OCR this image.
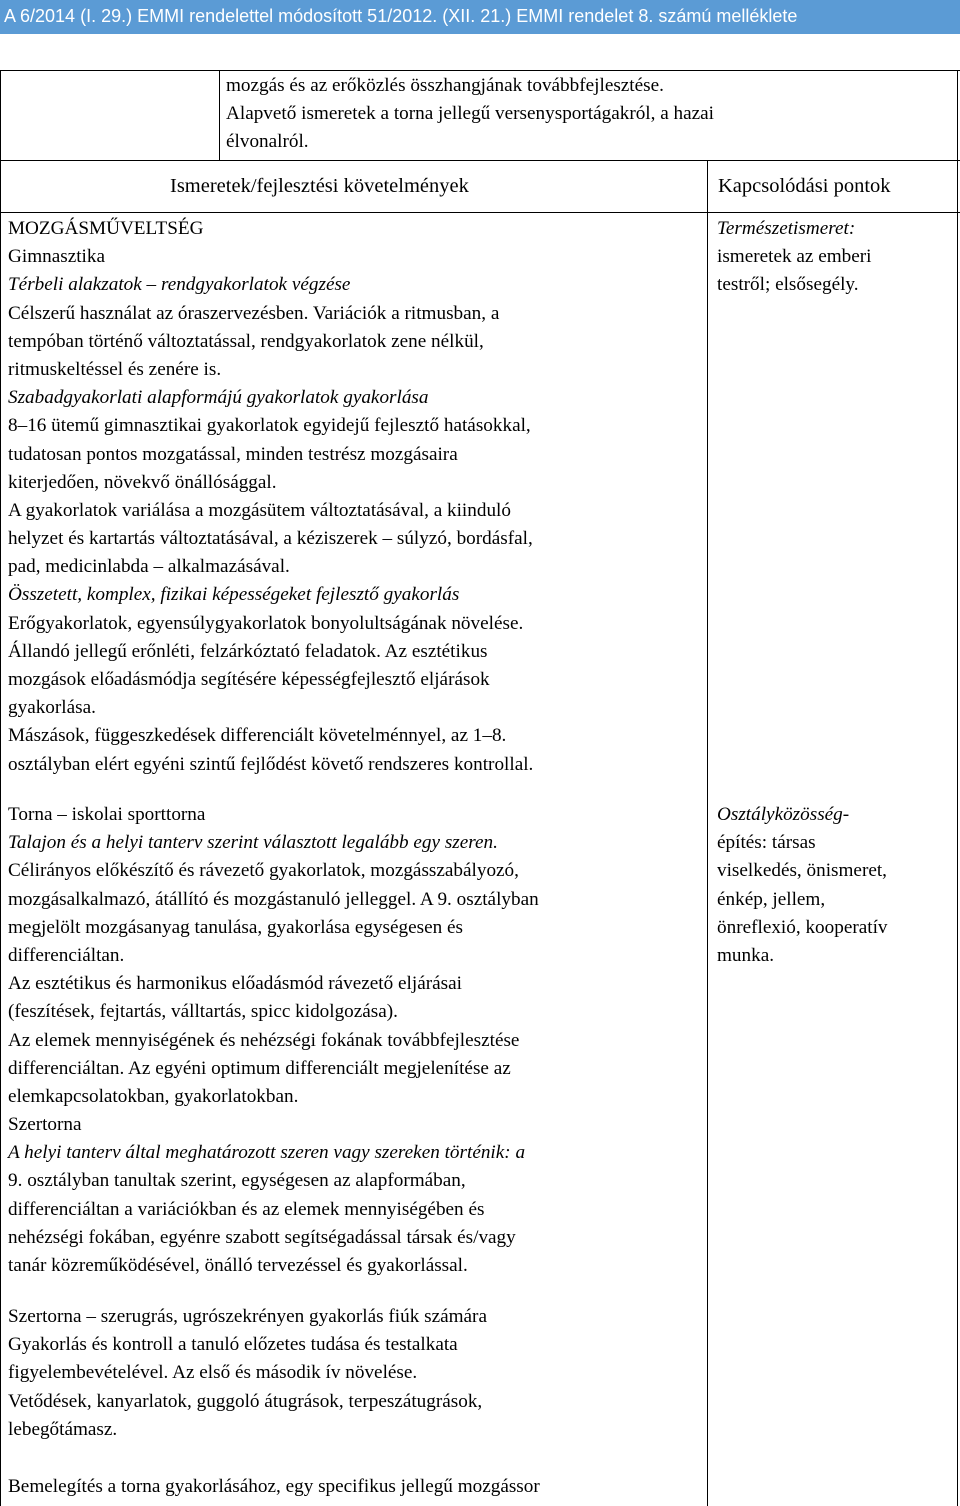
A 6/2014 (I. 29.) EMMI rendelettel módosított 51/2012. (XII. 21.) EMMI rendelet 8. számú melléklete
mozgás és az erőközlés összhangjának továbbfejlesztése.
Alapvető ismeretek a torna jellegű versenysportágakról, a hazai
élvonalról.
Ismeretek/fejlesztési követelmények	Kapcsolódási pontok
MOZGÁSMŰVELTSÉG
Gimnasztika
Térbeli alakzatok – rendgyakorlatok végzése
Célszerű használat az óraszervezésben. Variációk a ritmusban, a
tempóban történő változtatással, rendgyakorlatok zene nélkül,
ritmuskeltéssel és zenére is.
Szabadgyakorlati alapformájú gyakorlatok gyakorlása
8–16 ütemű gimnasztikai gyakorlatok egyidejű fejlesztő hatásokkal,
tudatosan pontos mozgatással, minden testrész mozgásaira
kiterjedően, növekvő önállósággal.
A gyakorlatok variálása a mozgásütem változtatásával, a kiinduló
helyzet és kartartás változtatásával, a kéziszerek – súlyzó, bordásfal,
pad, medicinlabda – alkalmazásával.
Összetett, komplex, fizikai képességeket fejlesztő gyakorlás
Erőgyakorlatok, egyensúlygyakorlatok bonyolultságának növelése.
Állandó jellegű erőnléti, felzárkóztató feladatok. Az esztétikus
mozgások előadásmódja segítésére képességfejlesztő eljárások
gyakorlása.
Mászások, függeszkedések differenciált követelménnyel, az 1–8.
osztályban elért egyéni szintű fejlődést követő rendszeres kontrollal.
Természetismeret:
ismeretek az emberi
testről; elsősegély.
Torna – iskolai sporttorna
Talajon és a helyi tanterv szerint választott legalább egy szeren.
Célirányos előkészítő és rávezető gyakorlatok, mozgásszabályozó,
mozgásalkalmazó, átállító és mozgástanuló jelleggel. A 9. osztályban
megjelölt mozgásanyag tanulása, gyakorlása egységesen és
differenciáltan.
Az esztétikus és harmonikus előadásmód rávezető eljárásai
(feszítések, fejtartás, válltartás, spicc kidolgozása).
Az elemek mennyiségének és nehézségi fokának továbbfejlesztése
differenciáltan. Az egyéni optimum differenciált megjelenítése az
elemkapcsolatokban, gyakorlatokban.
Szertorna
A helyi tanterv által meghatározott szeren vagy szereken történik: a
9. osztályban tanultak szerint, egységesen az alapformában,
differenciáltan a variációkban és az elemek mennyiségében és
nehézségi fokában, egyénre szabott segítségadással társak és/vagy
tanár közreműködésével, önálló tervezéssel és gyakorlással.
Osztályközösség-
építés: társas
viselkedés, önismeret,
énkép, jellem,
önreflexió, kooperatív
munka.
Szertorna – szerugrás, ugrószekrényen gyakorlás fiúk számára
Gyakorlás és kontroll a tanuló előzetes tudása és testalkata
figyelembevételével. Az első és második ív növelése.
Vetődések, kanyarlatok, guggoló átugrások, terpeszátugrások,
lebegőtámasz.
Bemelegítés a torna gyakorlásához, egy specifikus jellegű mozgássor
